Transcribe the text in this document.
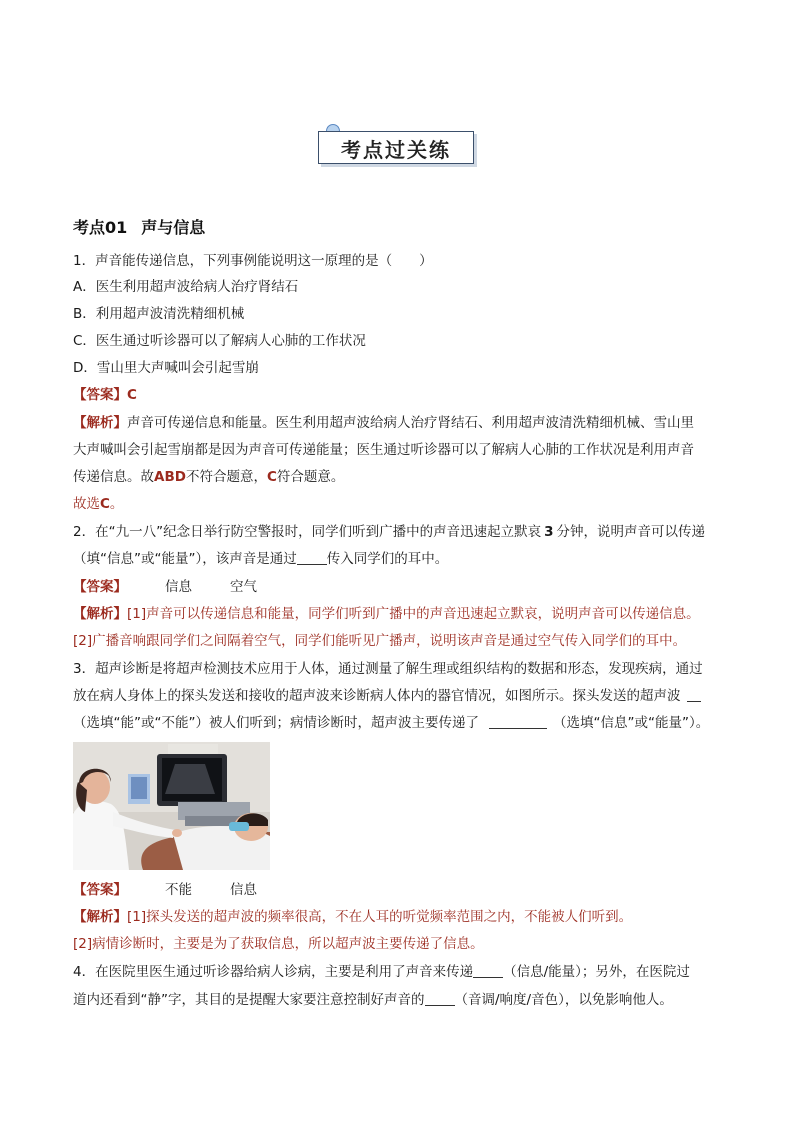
考点过关练
考点01 声与信息
1．声音能传递信息，下列事例能说明这一原理的是（　　）
A．医生利用超声波给病人治疗肾结石
B．利用超声波清洗精细机械
C．医生通过听诊器可以了解病人心肺的工作状况
D．雪山里大声喊叫会引起雪崩
【答案】C
【解析】声音可传递信息和能量。医生利用超声波给病人治疗肾结石、利用超声波清洗精细机械、雪山里
大声喊叫会引起雪崩都是因为声音可传递能量；医生通过听诊器可以了解病人心肺的工作状况是利用声音
传递信息。故ABD不符合题意，C符合题意。
故选C。
2．在“九一八”纪念日举行防空警报时，同学们听到广播中的声音迅速起立默哀 3 分钟，说明声音可以传递
（填“信息”或“能量”），该声音是通过 传入同学们的耳中。
【答案】	信息	空气
【解析】[1]声音可以传递信息和能量，同学们听到广播中的声音迅速起立默哀，说明声音可以传递信息。
[2]广播音响跟同学们之间隔着空气，同学们能听见广播声，说明该声音是通过空气传入同学们的耳中。
3．超声诊断是将超声检测技术应用于人体，通过测量了解生理或组织结构的数据和形态，发现疾病，通过
放在病人身体上的探头发送和接收的超声波来诊断病人体内的器官情况，如图所示。探头发送的超声波
（选填“能”或“不能”）被人们听到；病情诊断时，超声波主要传递了	（选填“信息”或“能量”）。
【答案】	不能	信息
【解析】[1]探头发送的超声波的频率很高，不在人耳的听觉频率范围之内，不能被人们听到。
[2]病情诊断时，主要是为了获取信息，所以超声波主要传递了信息。
4．在医院里医生通过听诊器给病人诊病，主要是利用了声音来传递 （信息/能量）；另外，在医院过
道内还看到“静”字，其目的是提醒大家要注意控制好声音的 （音调/响度/音色），以免影响他人。
